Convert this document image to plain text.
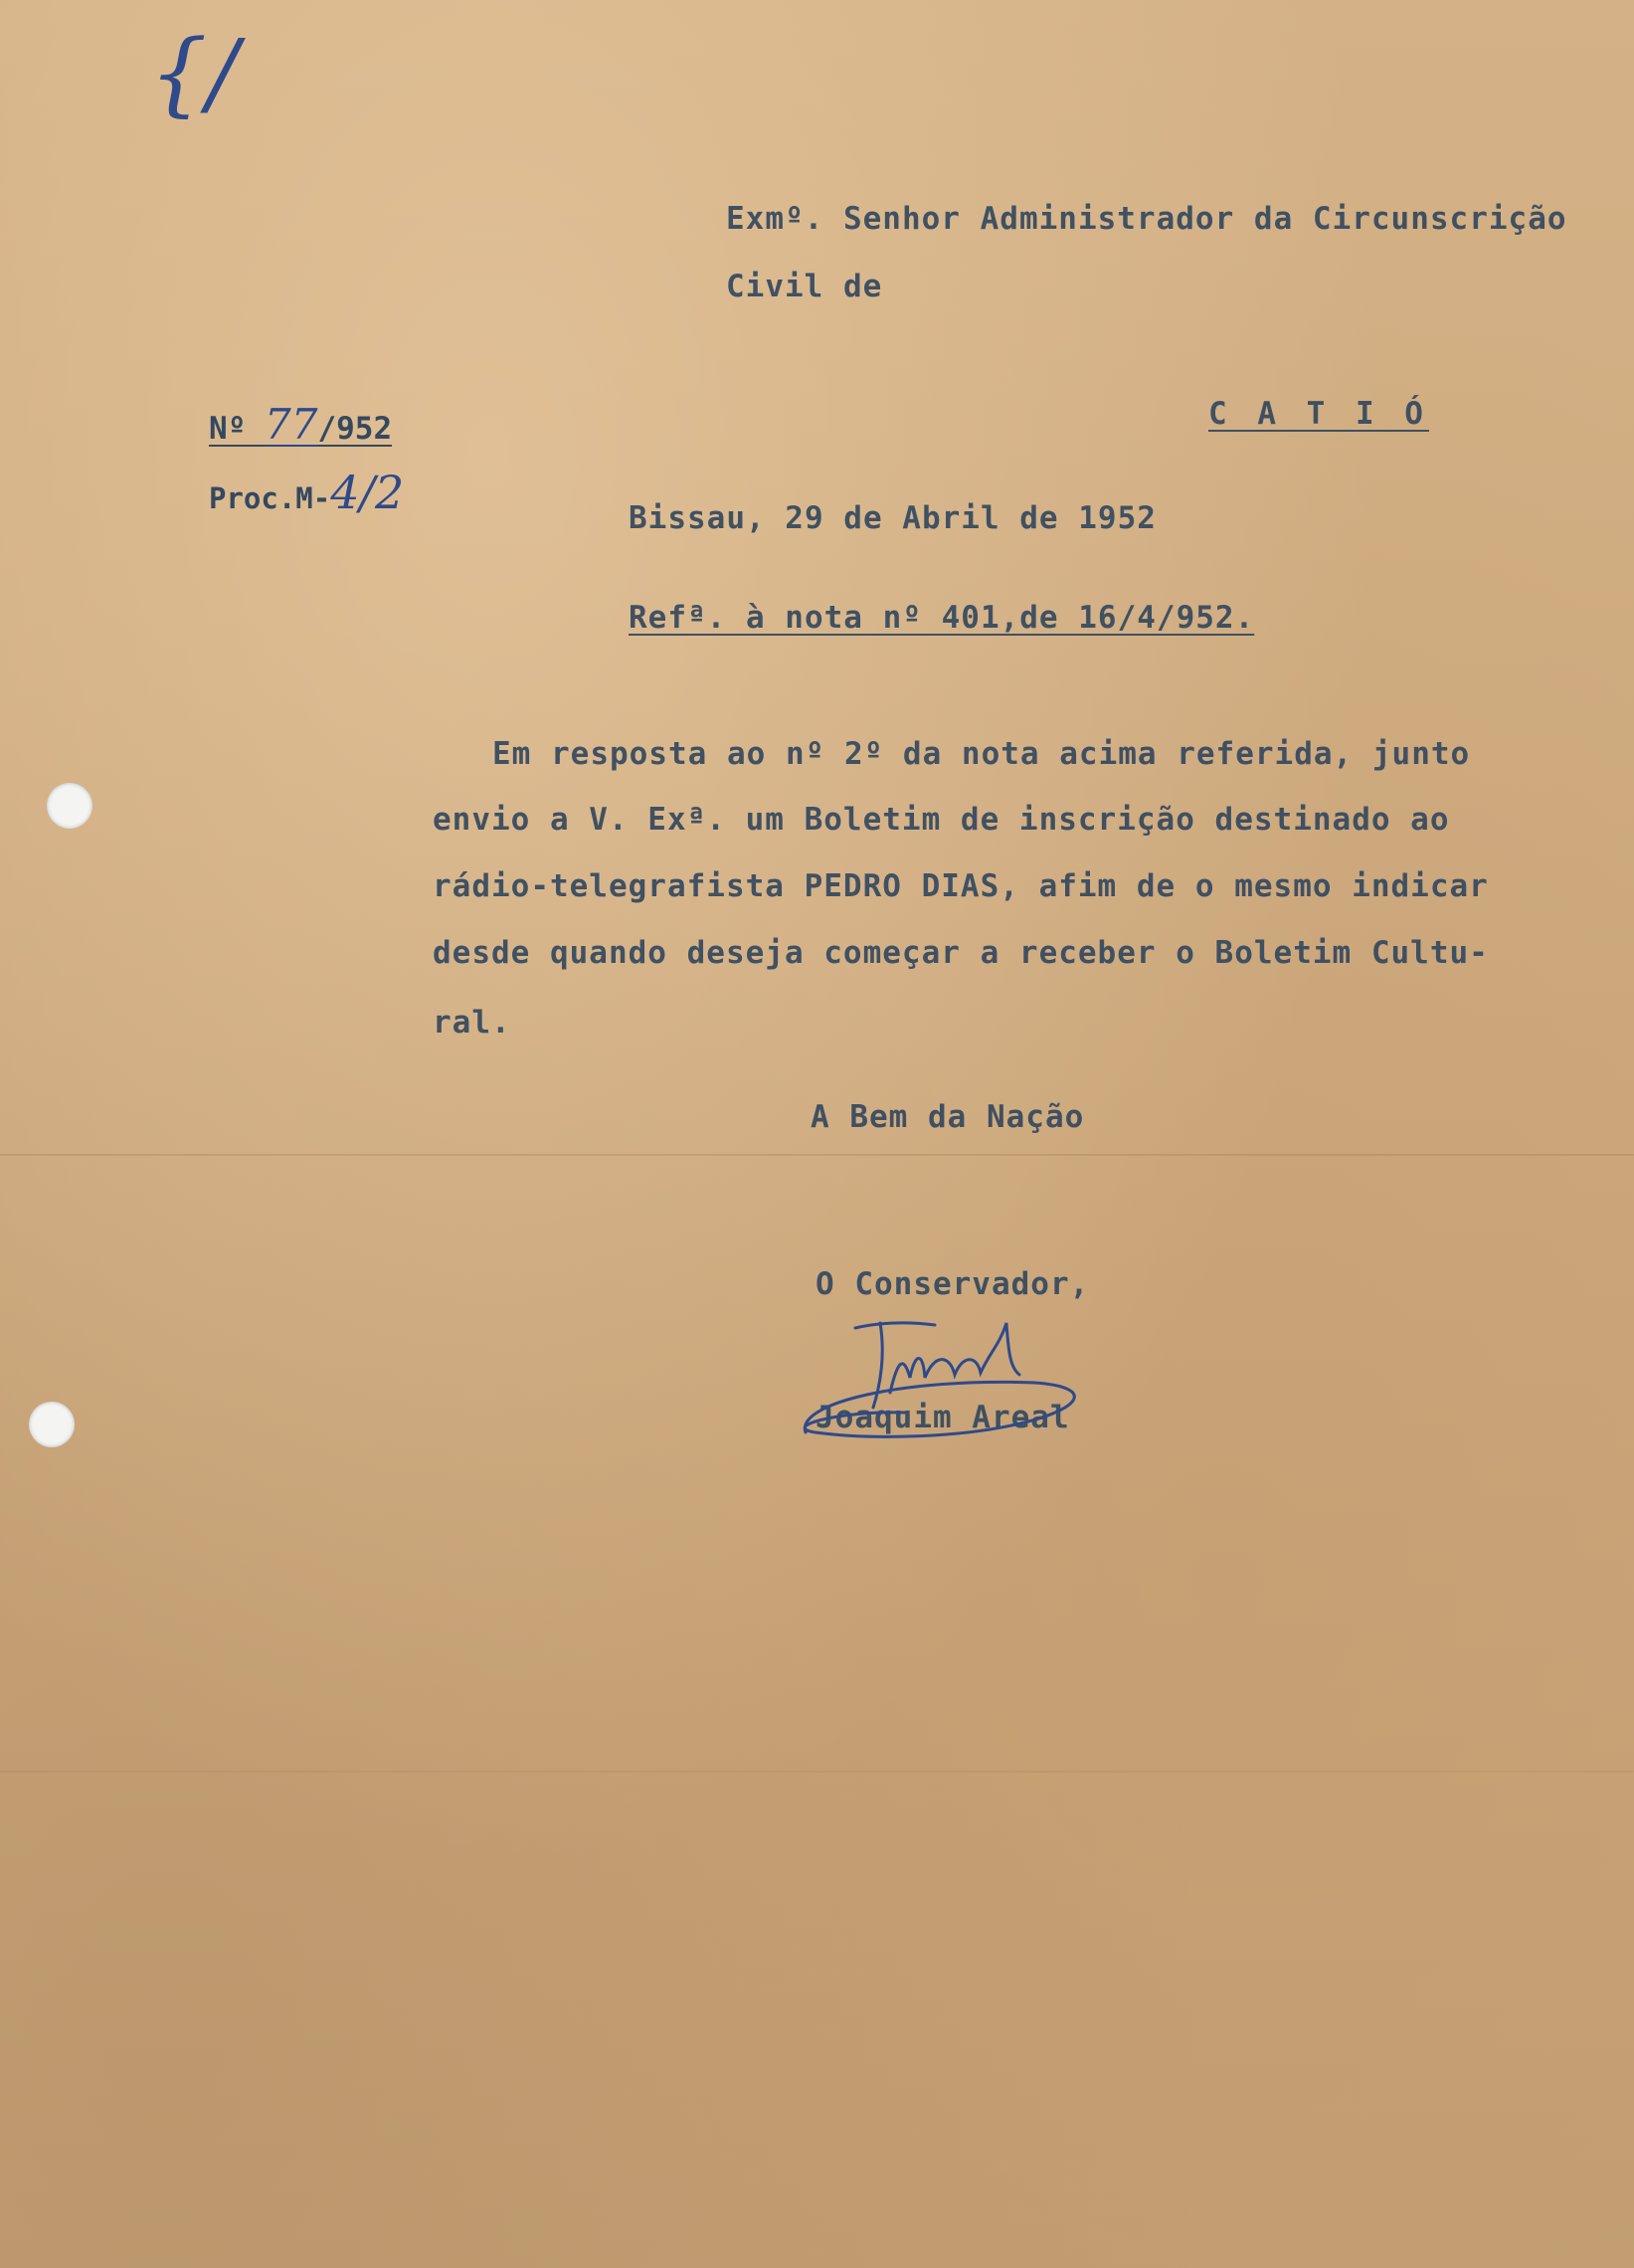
{/
Exmº. Senhor Administrador da Circunscrição
Civil de
C A T I Ó
Nº 77/952
Proc.M-4/2	Bissau, 29 de Abril de 1952
Refª. à nota nº 401,de 16/4/952.
Em resposta ao nº 2º da nota acima referida, junto
envio a V. Exª. um Boletim de inscrição destinado ao
rádio-telegrafista PEDRO DIAS, afim de o mesmo indicar
desde quando deseja começar a receber o Boletim Cultu-
ral.
A Bem da Nação
O Conservador,
Joaquim Areal
